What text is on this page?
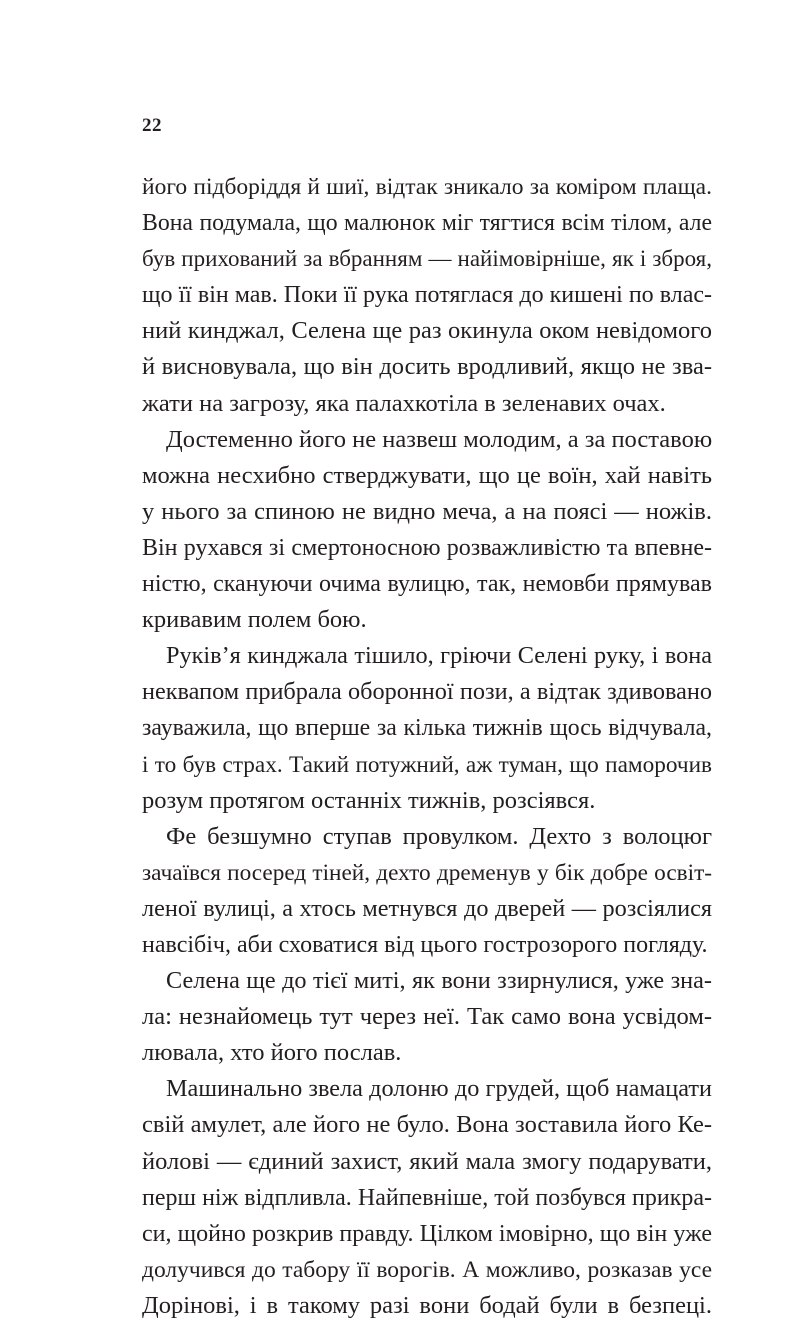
22
його підборіддя й шиї, відтак зникало за коміром плаща.
Вона подумала, що малюнок міг тягтися всім тілом, але
був прихований за вбранням — найімовірніше, як і зброя,
що її він мав. Поки її рука потяглася до кишені по влас-
ний кинджал, Селена ще раз окинула оком невідомого
й висновувала, що він досить вродливий, якщо не зва-
жати на загрозу, яка палахкотіла в зеленавих очах.
Достеменно його не назвеш молодим, а за поставою
можна несхибно стверджувати, що це воїн, хай навіть
у нього за спиною не видно меча, а на поясі — ножів.
Він рухався зі смертоносною розважливістю та впевне-
ністю, скануючи очима вулицю, так, немовби прямував
кривавим полем бою.
Руків’я кинджала тішило, гріючи Селені руку, і вона
неквапом прибрала оборонної пози, а відтак здивовано
зауважила, що вперше за кілька тижнів щось відчувала,
і то був страх. Такий потужний, аж туман, що паморочив
розум протягом останніх тижнів, розсіявся.
Фе безшумно ступав провулком. Дехто з волоцюг
зачаївся посеред тіней, дехто дременув у бік добре освіт-
леної вулиці, а хтось метнувся до дверей — розсіялися
навсібіч, аби сховатися від цього гострозорого погляду.
Селена ще до тієї миті, як вони ззирнулися, уже зна-
ла: незнайомець тут через неї. Так само вона усвідом-
лювала, хто його послав.
Машинально звела долоню до грудей, щоб намацати
свій амулет, але його не було. Вона зоставила його Ке-
йолові — єдиний захист, який мала змогу подарувати,
перш ніж відпливла. Найпевніше, той позбувся прикра-
си, щойно розкрив правду. Цілком імовірно, що він уже
долучився до табору її ворогів. А можливо, розказав усе
Дорінові, і в такому разі вони бодай були в безпеці.
